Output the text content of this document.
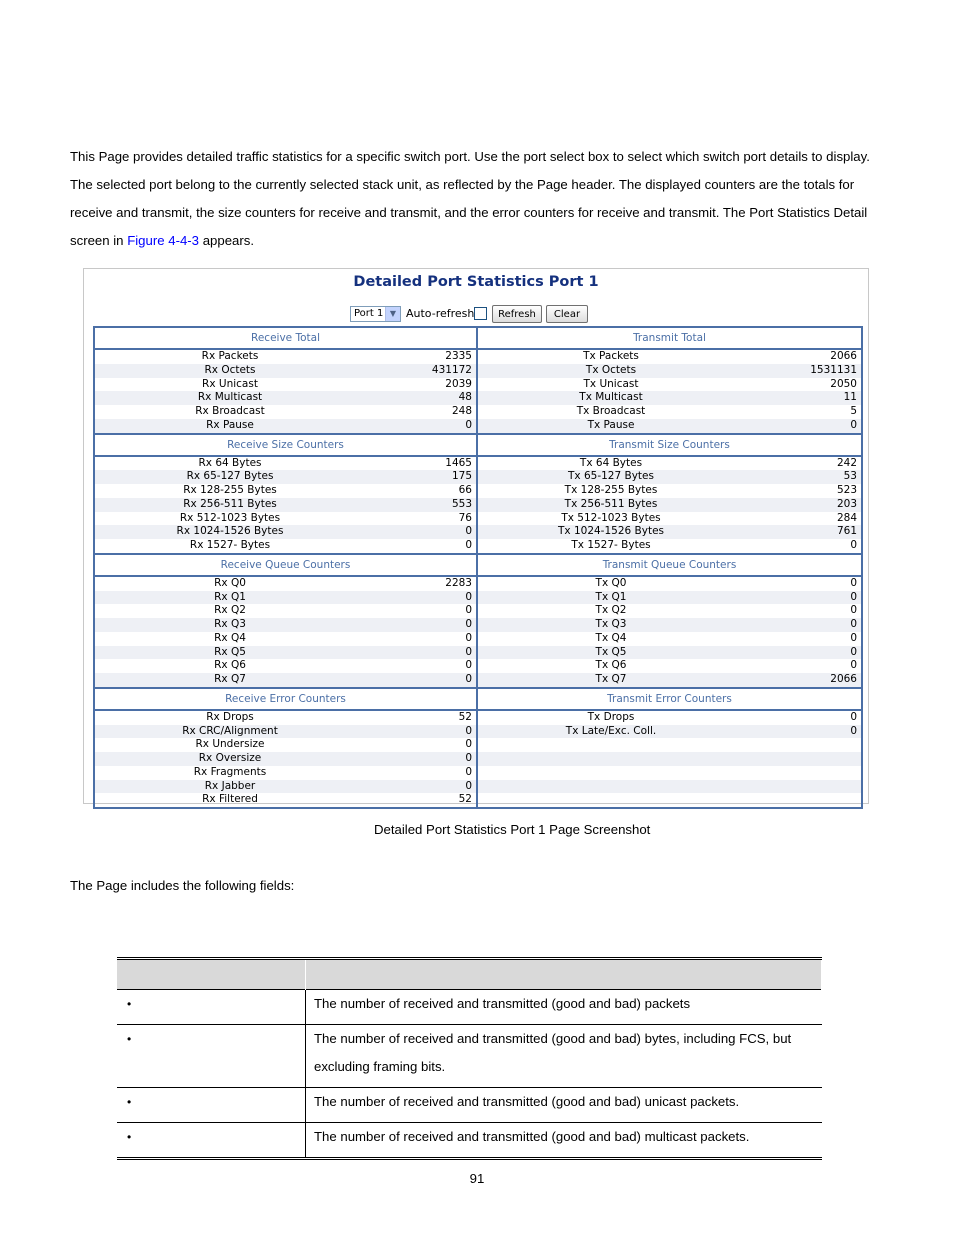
This Page provides detailed traffic statistics for a specific switch port. Use the port select box to select which switch port details to display. The selected port belong to the currently selected stack unit, as reflected by the Page header. The displayed counters are the totals for receive and transmit, the size counters for receive and transmit, and the error counters for receive and transmit. The Port Statistics Detail screen in Figure 4-4-3 appears.
Detailed Port Statistics Port 1
Port 1 ▼ Auto-refresh	Refresh	Clear
Receive Total	Transmit Total
Rx Packets	2335	Tx Packets	2066
Rx Octets	431172	Tx Octets	1531131
Rx Unicast	2039	Tx Unicast	2050
Rx Multicast	48	Tx Multicast	11
Rx Broadcast	248	Tx Broadcast	5
Rx Pause	0	Tx Pause	0
Receive Size Counters	Transmit Size Counters
Rx 64 Bytes	1465	Tx 64 Bytes	242
Rx 65-127 Bytes	175	Tx 65-127 Bytes	53
Rx 128-255 Bytes	66	Tx 128-255 Bytes	523
Rx 256-511 Bytes	553	Tx 256-511 Bytes	203
Rx 512-1023 Bytes	76	Tx 512-1023 Bytes	284
Rx 1024-1526 Bytes	0	Tx 1024-1526 Bytes	761
Rx 1527- Bytes	0	Tx 1527- Bytes	0
Receive Queue Counters	Transmit Queue Counters
Rx Q0	2283	Tx Q0	0
Rx Q1	0	Tx Q1	0
Rx Q2	0	Tx Q2	0
Rx Q3	0	Tx Q3	0
Rx Q4	0	Tx Q4	0
Rx Q5	0	Tx Q5	0
Rx Q6	0	Tx Q6	0
Rx Q7	0	Tx Q7	2066
Receive Error Counters	Transmit Error Counters
Rx Drops	52	Tx Drops	0
Rx CRC/Alignment	0	Tx Late/Exc. Coll.	0
Rx Undersize	0
Rx Oversize	0
Rx Fragments	0
Rx Jabber	0
Rx Filtered	52
Detailed Port Statistics Port 1 Page Screenshot
The Page includes the following fields:

•	The number of received and transmitted (good and bad) packets
•	The number of received and transmitted (good and bad) bytes, including FCS, but excluding framing bits.
•	The number of received and transmitted (good and bad) unicast packets.
•	The number of received and transmitted (good and bad) multicast packets.
91
